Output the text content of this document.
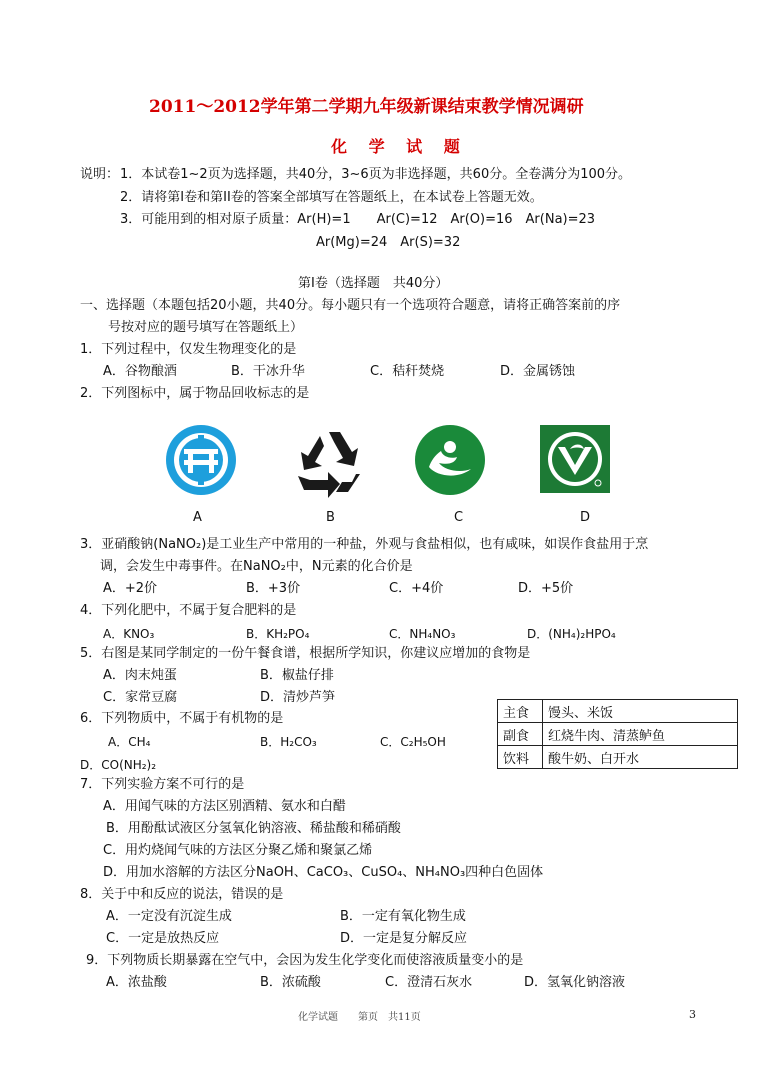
2011～2012学年第二学期九年级新课结束教学情况调研
化 学 试 题
说明： 1．本试卷1~2页为选择题，共40分，3~6页为非选择题，共60分。全卷满分为100分。
2．请将第I卷和第II卷的答案全部填写在答题纸上，在本试卷上答题无效。
3．可能用到的相对原子质量：Ar(H)=1　　Ar(C)=12　Ar(O)=16　Ar(Na)=23
Ar(Mg)=24　Ar(S)=32
第Ⅰ卷（选择题　共40分）
一、选择题（本题包括20小题，共40分。每小题只有一个选项符合题意，请将正确答案前的序
号按对应的题号填写在答题纸上）
1．下列过程中，仅发生物理变化的是
A．谷物酿酒	B．干冰升华	C．秸秆焚烧	D．金属锈蚀
2．下列图标中，属于物品回收标志的是
A	B	C	D
3．亚硝酸钠(NaNO₂)是工业生产中常用的一种盐，外观与食盐相似，也有咸味，如误作食盐用于烹
调，会发生中毒事件。在NaNO₂中，N元素的化合价是
A．+2价	B．+3价	C．+4价	D．+5价
4．下列化肥中，不属于复合肥料的是
A．KNO₃	B．KH₂PO₄	C．NH₄NO₃	D．(NH₄)₂HPO₄
5．右图是某同学制定的一份午餐食谱，根据所学知识，你建议应增加的食物是
A．肉末炖蛋	B．椒盐仔排
C．家常豆腐	D．清炒芦笋
主食	馒头、米饭
副食	红烧牛肉、清蒸鲈鱼
饮料	酸牛奶、白开水
6．下列物质中，不属于有机物的是
A．CH₄	B．H₂CO₃	C．C₂H₅OH
D．CO(NH₂)₂
7．下列实验方案不可行的是
A．用闻气味的方法区别酒精、氨水和白醋
B．用酚酞试液区分氢氧化钠溶液、稀盐酸和稀硝酸
C．用灼烧闻气味的方法区分聚乙烯和聚氯乙烯
D．用加水溶解的方法区分NaOH、CaCO₃、CuSO₄、NH₄NO₃四种白色固体
8．关于中和反应的说法，错误的是
A．一定没有沉淀生成	B．一定有氧化物生成
C．一定是放热反应	D．一定是复分解反应
9．下列物质长期暴露在空气中，会因为发生化学变化而使溶液质量变小的是
A．浓盐酸	B．浓硫酸	C．澄清石灰水	D．氢氧化钠溶液
化学试题　　第页　共11页	3
